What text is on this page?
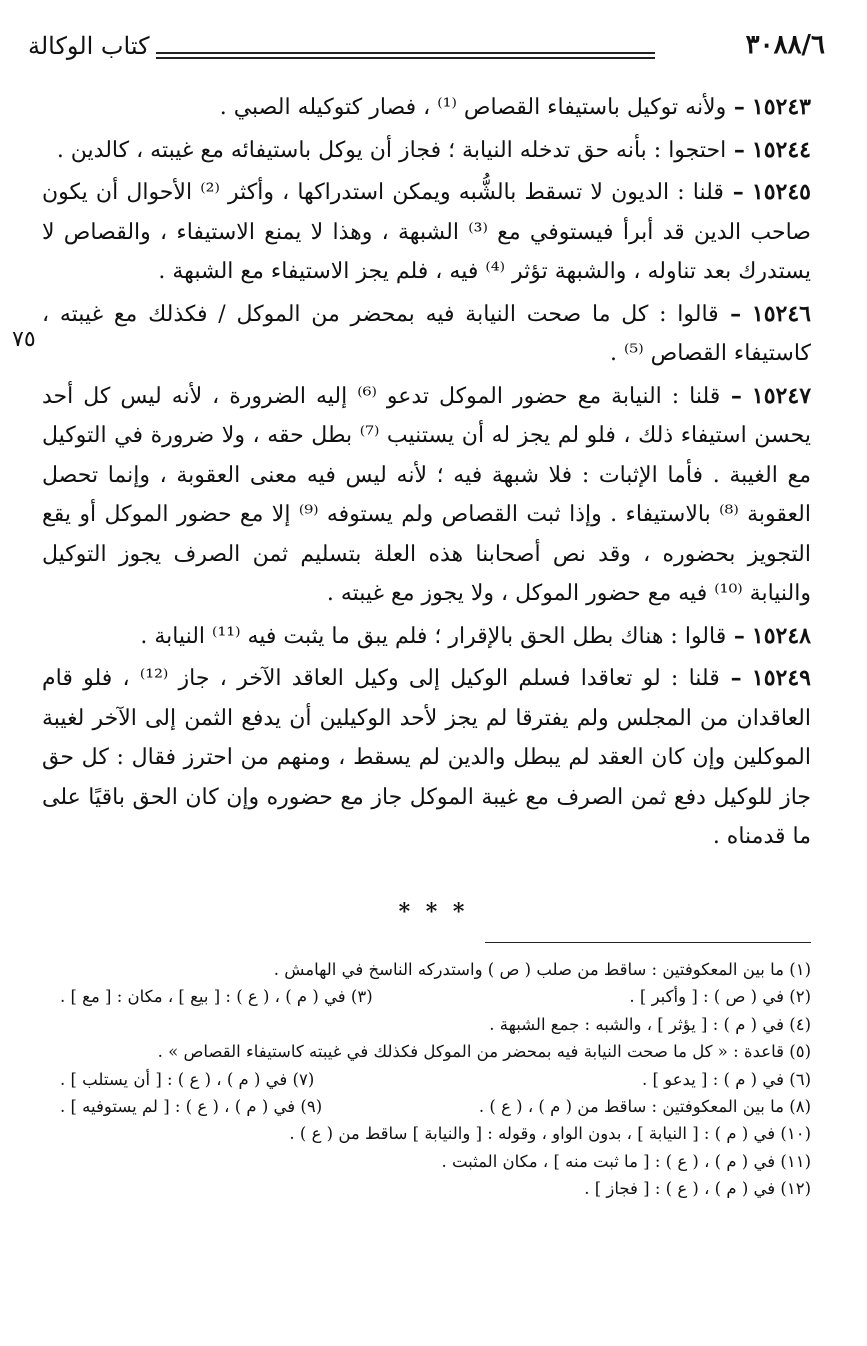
٣٠٨٨/٦
كتاب الوكالة
٧٥

١٥٢٤٣ – ولأنه توكيل باستيفاء القصاص ⁽¹⁾ ، فصار كتوكيله الصبي .

١٥٢٤٤ – احتجوا : بأنه حق تدخله النيابة ؛ فجاز أن يوكل باستيفائه مع غيبته ، كالدين .

١٥٢٤٥ – قلنا : الديون لا تسقط بالشُّبه ويمكن استدراكها ، وأكثر ⁽²⁾ الأحوال أن يكون صاحب الدين قد أبرأ فيستوفي مع ⁽³⁾ الشبهة ، وهذا لا يمنع الاستيفاء ، والقصاص لا يستدرك بعد تناوله ، والشبهة تؤثر ⁽⁴⁾ فيه ، فلم يجز الاستيفاء مع الشبهة .

١٥٢٤٦ – قالوا : كل ما صحت النيابة فيه بمحضر من الموكل / فكذلك مع غيبته ، كاستيفاء القصاص ⁽⁵⁾ .

١٥٢٤٧ – قلنا : النيابة مع حضور الموكل تدعو ⁽⁶⁾ إليه الضرورة ، لأنه ليس كل أحد يحسن استيفاء ذلك ، فلو لم يجز له أن يستنيب ⁽⁷⁾ بطل حقه ، ولا ضرورة في التوكيل مع الغيبة . فأما الإثبات : فلا شبهة فيه ؛ لأنه ليس فيه معنى العقوبة ، وإنما تحصل العقوبة ⁽⁸⁾ بالاستيفاء . وإذا ثبت القصاص ولم يستوفه ⁽⁹⁾ إلا مع حضور الموكل أو يقع التجويز بحضوره ، وقد نص أصحابنا هذه العلة بتسليم ثمن الصرف يجوز التوكيل والنيابة ⁽¹⁰⁾ فيه مع حضور الموكل ، ولا يجوز مع غيبته .

١٥٢٤٨ – قالوا : هناك بطل الحق بالإقرار ؛ فلم يبق ما يثبت فيه ⁽¹¹⁾ النيابة .

١٥٢٤٩ – قلنا : لو تعاقدا فسلم الوكيل إلى وكيل العاقد الآخر ، جاز ⁽¹²⁾ ، فلو قام العاقدان من المجلس ولم يفترقا لم يجز لأحد الوكيلين أن يدفع الثمن إلى الآخر لغيبة الموكلين وإن كان العقد لم يبطل والدين لم يسقط ، ومنهم من احترز فقال : كل حق جاز للوكيل دفع ثمن الصرف مع غيبة الموكل جاز مع حضوره وإن كان الحق باقيًا على ما قدمناه .

* * *
(١) ما بين المعكوفتين : ساقط من صلب ( ص ) واستدركه الناسخ في الهامش .
(٢) في ( ص ) : [ وأكبر ] .
(٣) في ( م ) ، ( ع ) : [ بيع ] ، مكان : [ مع ] .
(٤) في ( م ) : [ يؤثر ] ، والشبه : جمع الشبهة .
(٥) قاعدة : « كل ما صحت النيابة فيه بمحضر من الموكل فكذلك في غيبته كاستيفاء القصاص » .
(٦) في ( م ) : [ يدعو ] .
(٧) في ( م ) ، ( ع ) : [ أن يستلب ] .
(٨) ما بين المعكوفتين : ساقط من ( م ) ، ( ع ) .
(٩) في ( م ) ، ( ع ) : [ لم يستوفيه ] .
(١٠) في ( م ) : [ النيابة ] ، بدون الواو ، وقوله : [ والنيابة ] ساقط من ( ع ) .
(١١) في ( م ) ، ( ع ) : [ ما ثبت منه ] ، مكان المثبت .
(١٢) في ( م ) ، ( ع ) : [ فجاز ] .
